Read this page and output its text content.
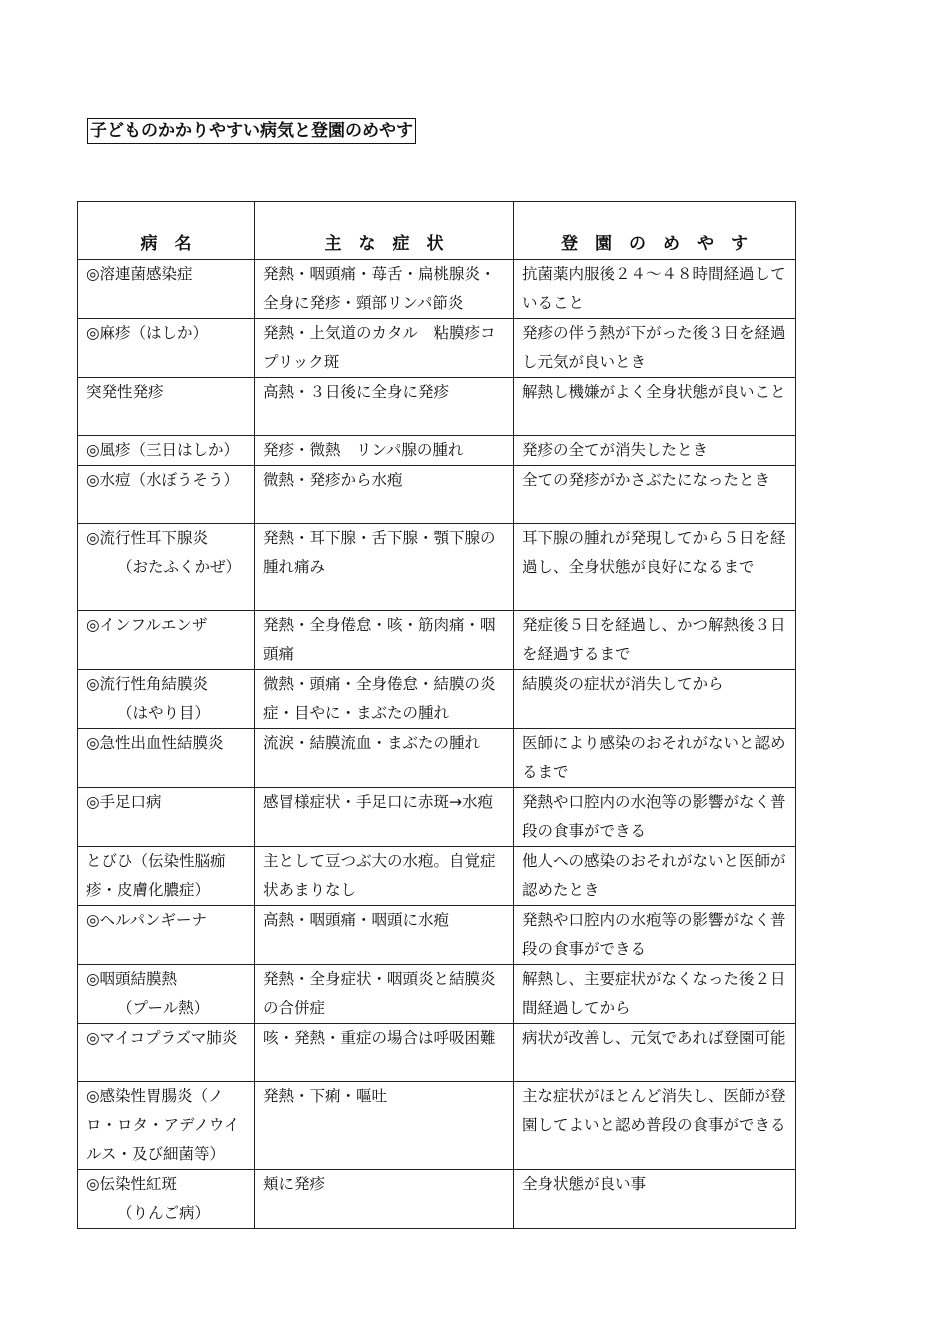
子どものかかりやすい病気と登園のめやす
病　名	主　な　症　状	登　園　の　め　や　す

◎溶連菌感染症	発熱・咽頭痛・苺舌・扁桃腺炎・全身に発疹・頸部リンパ節炎	抗菌薬内服後２４～４８時間経過していること

◎麻疹（はしか）	発熱・上気道のカタル　粘膜疹コプリック斑	発疹の伴う熱が下がった後３日を経過し元気が良いとき

突発性発疹	高熱・３日後に全身に発疹	解熱し機嫌がよく全身状態が良いこと

◎風疹（三日はしか）	発疹・微熱　リンパ腺の腫れ	発疹の全てが消失したとき

◎水痘（水ぼうそう）	微熱・発疹から水疱	全ての発疹がかさぶたになったとき

◎流行性耳下腺炎
（おたふくかぜ）	発熱・耳下腺・舌下腺・顎下腺の腫れ痛み	耳下腺の腫れが発現してから５日を経過し、全身状態が良好になるまで

◎インフルエンザ	発熱・全身倦怠・咳・筋肉痛・咽頭痛	発症後５日を経過し、かつ解熱後３日を経過するまで

◎流行性角結膜炎
（はやり目）	微熱・頭痛・全身倦怠・結膜の炎症・目やに・まぶたの腫れ	結膜炎の症状が消失してから

◎急性出血性結膜炎	流涙・結膜流血・まぶたの腫れ	医師により感染のおそれがないと認めるまで

◎手足口病	感冒様症状・手足口に赤斑→水疱	発熱や口腔内の水泡等の影響がなく普段の食事ができる

とびひ（伝染性脳痂疹・皮膚化膿症）	主として豆つぶ大の水疱。自覚症状あまりなし	他人への感染のおそれがないと医師が認めたとき

◎ヘルパンギーナ	高熱・咽頭痛・咽頭に水疱	発熱や口腔内の水疱等の影響がなく普段の食事ができる

◎咽頭結膜熱
（プール熱）	発熱・全身症状・咽頭炎と結膜炎の合併症	解熱し、主要症状がなくなった後２日間経過してから

◎マイコプラズマ肺炎	咳・発熱・重症の場合は呼吸困難	病状が改善し、元気であれば登園可能

◎感染性胃腸炎（ノロ・ロタ・アデノウイルス・及び細菌等）	発熱・下痢・嘔吐	主な症状がほとんど消失し、医師が登園してよいと認め普段の食事ができる

◎伝染性紅斑
（りんご病）	頬に発疹	全身状態が良い事
